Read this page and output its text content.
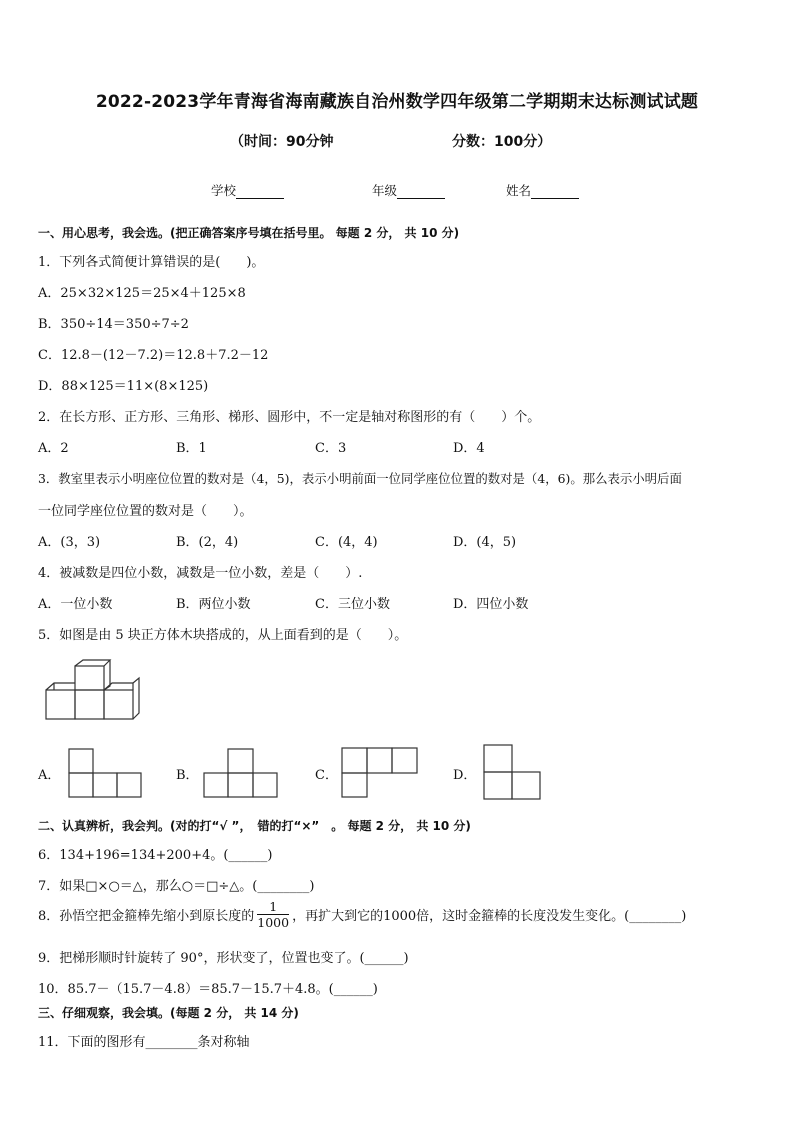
2022-2023学年青海省海南藏族自治州数学四年级第二学期期末达标测试试题
（时间：90分钟	分数：100分）
学校	年级	姓名
一、用心思考，我会选。(把正确答案序号填在括号里。 每题 2 分， 共 10 分)
1．下列各式简便计算错误的是(　　)。
A．25×32×125＝25×4＋125×8
B．350÷14＝350÷7÷2
C．12.8－(12－7.2)＝12.8＋7.2－12
D．88×125＝11×(8×125)
2．在长方形、正方形、三角形、梯形、圆形中，不一定是轴对称图形的有（　　）个。
A．2	B．1	C．3	D．4
3．教室里表示小明座位位置的数对是（4，5)，表示小明前面一位同学座位位置的数对是（4，6)。那么表示小明后面
一位同学座位位置的数对是（　　）。
A．(3，3)	B．(2，4)	C．(4，4)	D．(4，5)
4．被减数是四位小数，减数是一位小数，差是（　　）.
A．一位小数	B．两位小数	C．三位小数	D．四位小数
5．如图是由 5 块正方体木块搭成的，从上面看到的是（　　）。
A．	B．	C．	D．
二、认真辨析，我会判。(对的打“√ ”，　错的打“×”　。 每题 2 分， 共 10 分)
6．134+196=134+200+4。(______)
7．如果□×○＝△，那么○＝□÷△。(________)
8．孙悟空把金箍棒先缩小到原长度的 $\frac{1}{1000}$ ，再扩大到它的1000倍，这时金箍棒的长度没发生变化。(________)
9．把梯形顺时针旋转了 90°，形状变了，位置也变了。(______)
10．85.7－（15.7－4.8）＝85.7－15.7＋4.8。(______)
三、仔细观察，我会填。(每题 2 分， 共 14 分)
11．下面的图形有________条对称轴
